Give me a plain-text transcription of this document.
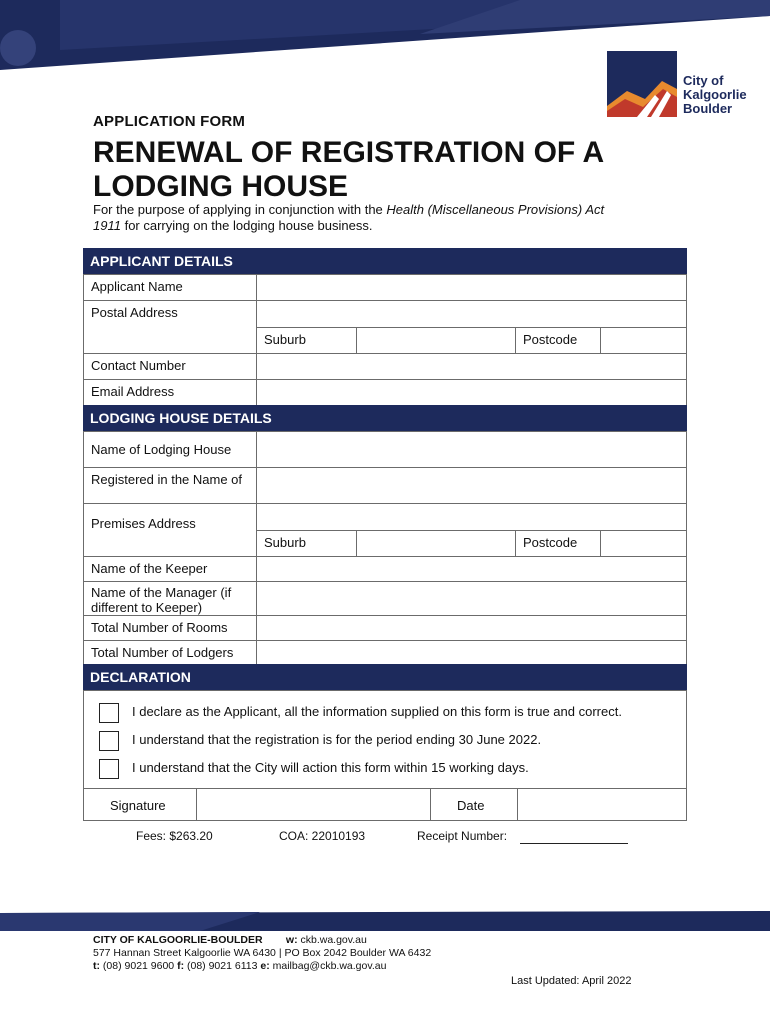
City of
Kalgoorlie
Boulder
APPLICATION FORM
RENEWAL OF REGISTRATION OF A
LODGING HOUSE
For the purpose of applying in conjunction with the Health (Miscellaneous Provisions) Act
1911 for carrying on the lodging house business.
APPLICANT DETAILS
Applicant Name
Postal Address
Suburb	Postcode
Contact Number
Email Address
LODGING HOUSE DETAILS
Name of Lodging House
Registered in the Name of
Premises Address
Suburb	Postcode
Name of the Keeper
Name of the Manager (if different to Keeper)
Total Number of Rooms
Total Number of Lodgers
DECLARATION
I declare as the Applicant, all the information supplied on this form is true and correct.
I understand that the registration is for the period ending 30 June 2022.
I understand that the City will action this form within 15 working days.
Signature	Date
Fees: $263.20	COA: 22010193	Receipt Number:
CITY OF KALGOORLIE-BOULDER w: ckb.wa.gov.au
577 Hannan Street Kalgoorlie WA 6430 | PO Box 2042 Boulder WA 6432
t: (08) 9021 9600 f: (08) 9021 6113 e: mailbag@ckb.wa.gov.au
Last Updated: April 2022
